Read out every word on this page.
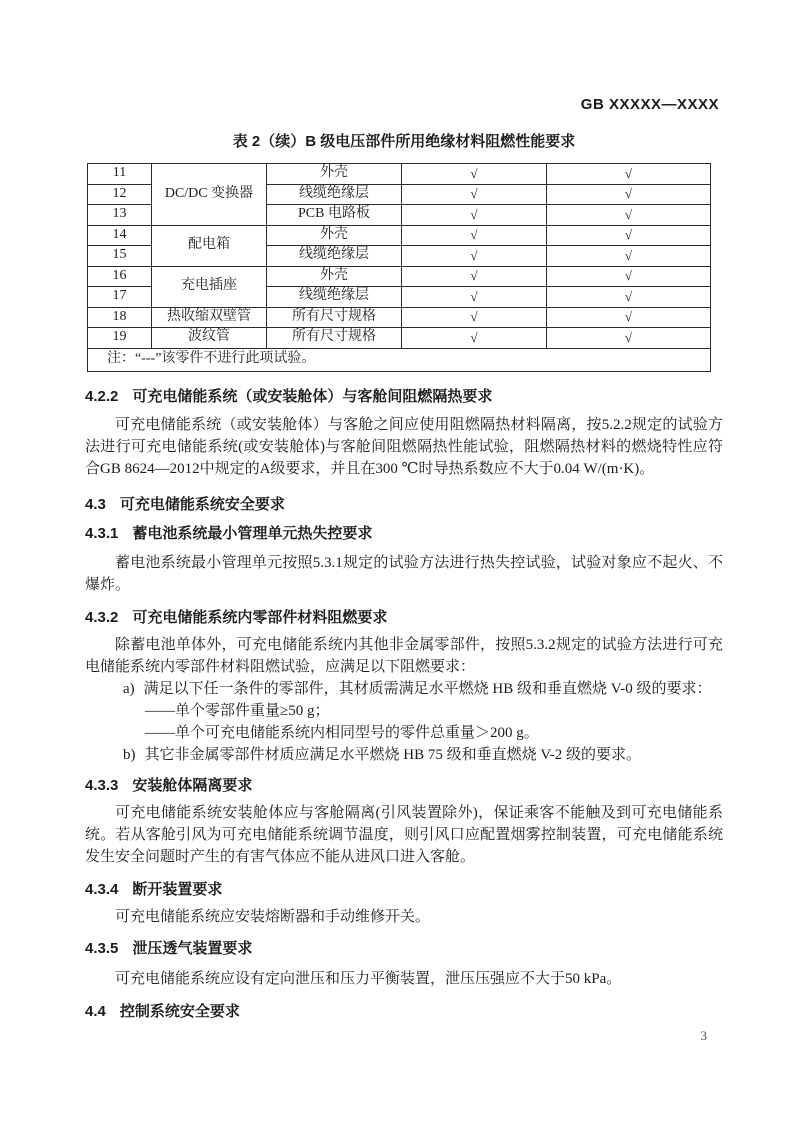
GB XXXXX—XXXX
表 2（续）B 级电压部件所用绝缘材料阻燃性能要求
11	DC/DC 变换器	外壳	√	√
12		线缆绝缘层	√	√
13		PCB 电路板	√	√
14	配电箱	外壳	√	√
15		线缆绝缘层	√	√
16	充电插座	外壳	√	√
17		线缆绝缘层	√	√
18	热收缩双壁管	所有尺寸规格	√	√
19	波纹管	所有尺寸规格	√	√
注：“---”该零件不进行此项试验。				
4.2.2 可充电储能系统（或安装舱体）与客舱间阻燃隔热要求
可充电储能系统（或安装舱体）与客舱之间应使用阻燃隔热材料隔离，按5.2.2规定的试验方法进行可充电储能系统(或安装舱体)与客舱间阻燃隔热性能试验，阻燃隔热材料的燃烧特性应符合GB 8624—2012中规定的A级要求，并且在300 ℃时导热系数应不大于0.04 W/(m·K)。
4.3 可充电储能系统安全要求
4.3.1 蓄电池系统最小管理单元热失控要求
蓄电池系统最小管理单元按照5.3.1规定的试验方法进行热失控试验，试验对象应不起火、不爆炸。
4.3.2 可充电储能系统内零部件材料阻燃要求
除蓄电池单体外，可充电储能系统内其他非金属零部件，按照5.3.2规定的试验方法进行可充电储能系统内零部件材料阻燃试验，应满足以下阻燃要求：
a) 满足以下任一条件的零部件，其材质需满足水平燃烧 HB 级和垂直燃烧 V-0 级的要求：
——单个零部件重量≥50 g；
——单个可充电储能系统内相同型号的零件总重量＞200 g。
b) 其它非金属零部件材质应满足水平燃烧 HB 75 级和垂直燃烧 V-2 级的要求。
4.3.3 安装舱体隔离要求
可充电储能系统安装舱体应与客舱隔离(引风装置除外)，保证乘客不能触及到可充电储能系统。若从客舱引风为可充电储能系统调节温度，则引风口应配置烟雾控制装置，可充电储能系统发生安全问题时产生的有害气体应不能从进风口进入客舱。
4.3.4 断开装置要求
可充电储能系统应安装熔断器和手动维修开关。
4.3.5 泄压透气装置要求
可充电储能系统应设有定向泄压和压力平衡装置，泄压压强应不大于50 kPa。
4.4 控制系统安全要求
3
